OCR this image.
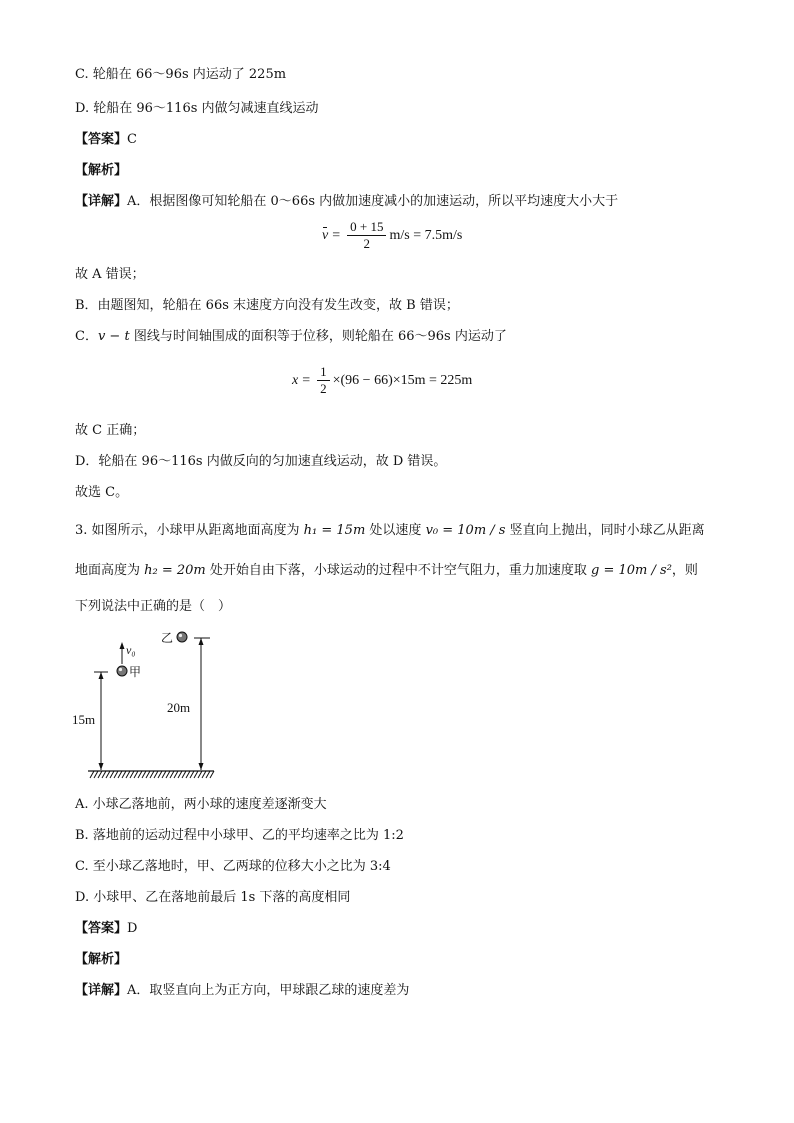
C. 轮船在 66～96s 内运动了 225m
D. 轮船在 96～116s 内做匀减速直线运动
【答案】C
【解析】
【详解】A．根据图像可知轮船在 0～66s 内做加速度减小的加速运动，所以平均速度大小大于
$v = \frac{0 + 15}{2} m/s = 7.5m/s$
故 A 错误；
B．由题图知，轮船在 66s 末速度方向没有发生改变，故 B 错误；
C．v − t 图线与时间轴围成的面积等于位移，则轮船在 66～96s 内运动了
$x = \frac{1}{2} \times(96 - 66)\times 15m = 225m$
故 C 正确；
D．轮船在 96～116s 内做反向的匀加速直线运动，故 D 错误。
故选 C。
3. 如图所示，小球甲从距离地面高度为 h₁ = 15m 处以速度 v₀ = 10m / s 竖直向上抛出，同时小球乙从距离
地面高度为 h₂ = 20m 处开始自由下落，小球运动的过程中不计空气阻力，重力加速度取 g = 10m / s²，则
下列说法中正确的是（　）
15m
甲
v₀
20m
乙
A. 小球乙落地前，两小球的速度差逐渐变大
B. 落地前的运动过程中小球甲、乙的平均速率之比为 1:2
C. 至小球乙落地时，甲、乙两球的位移大小之比为 3:4
D. 小球甲、乙在落地前最后 1s 下落的高度相同
【答案】D
【解析】
【详解】A．取竖直向上为正方向，甲球跟乙球的速度差为
